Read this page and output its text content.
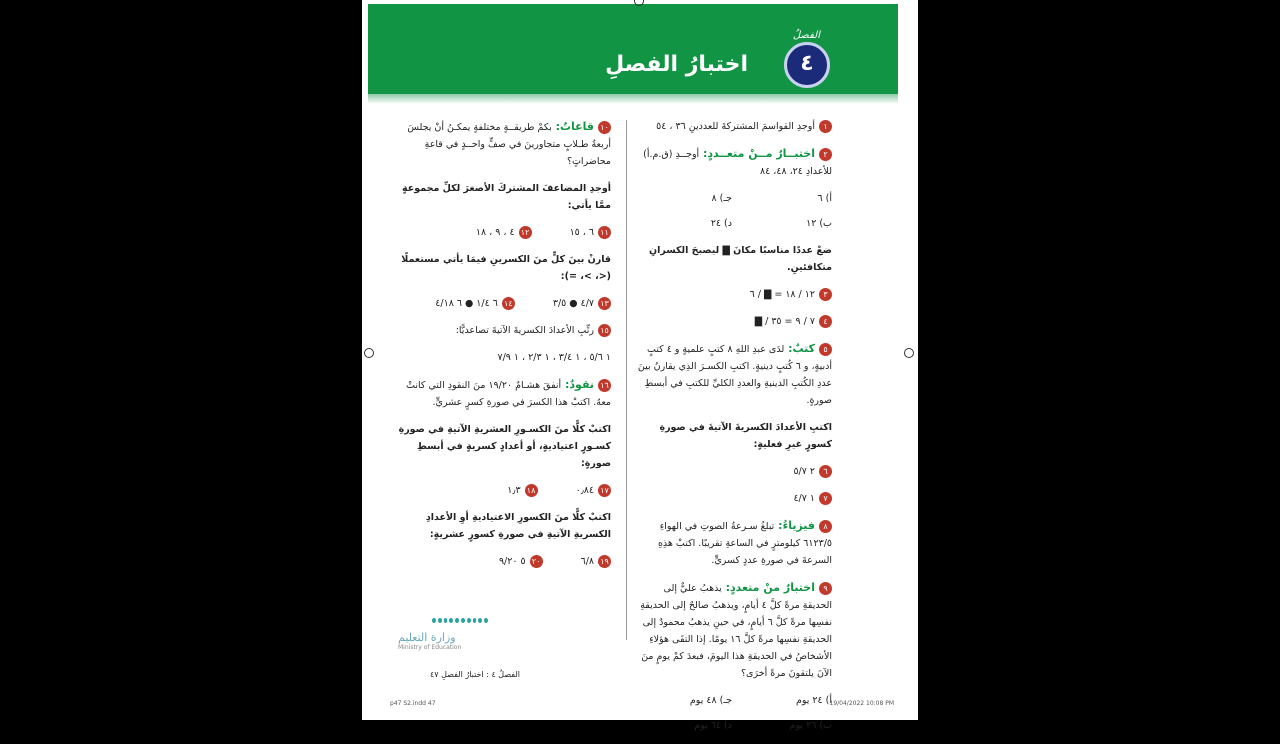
الفصلُ
٤
اختبارُ الفصلِ
١أوجدِ القواسمَ المشتركةَ للعددينِ ٣٦ ، ٥٤
٢اختبــارٌ مــنْ متعــددٍ: أوجــدِ (ق.م.أ) للأعدادِ ٢٤، ٤٨، ٨٤
أ) ٦
جـ) ٨
ب) ١٢
د) ٢٤
ضعْ عددًا مناسبًا مكانَ ▇ ليصبحَ الكسرانِ متكافئينِ.
٣١٢ / ١٨ = ▇ / ٦
٤٧ / ٩ = ٣٥ / ▇
٥كتبٌ: لدَى عبدِ اللهِ ٨ كتبٍ علميةٍ و ٤ كتبٍ أدبيةٍ، و ٦ كُتبٍ دينيةٍ. اكتبِ الكسـرَ الذِي يقارنُ بينَ عددِ الكُتبِ الدينيةِ والعددِ الكليِّ للكتبِ في أبسطِ صورةٍ.
اكتبِ الأعدادَ الكسريةَ الآتيةَ في صورةِ كسورٍ غيرِ فعليةٍ:
٦٢ ٥/٧
٧١ ٤/٧
٨فيزياءُ: تبلغُ سـرعةُ الصوتِ في الهواءِ ٦١٢٣/٥ كيلومترٍ في الساعةِ تقريبًا. اكتبْ هذِهِ السرعةَ في صورةِ عددٍ كسريٍّ.
٩اختبارٌ منْ متعددٍ: يذهبُ عليٌّ إلى الحديقةِ مرةً كلَّ ٤ أيامٍ، ويذهبُ صالحٌ إلى الحديقةِ نفسِها مرةً كلَّ ٦ أيامٍ، في حينِ يذهبُ محمودٌ إلى الحديقةِ نفسِها مرةً كلَّ ١٦ يومًا. إذا التقَى هؤلاءِ الأشخاصُ في الحديقةِ هذا اليومَ، فبعدَ كمْ يومٍ منَ الآنَ يلتقونَ مرةً أخرَى؟
أ) ٢٤ يوم
جـ) ٤٨ يوم
ب) ٢٦ يوم
د) ٦٤ يوم
١٠قاعاتٌ: بكمْ طريقــةٍ مختلفةٍ يمكـنُ أنْ يجلسَ أربعةُ طـلابٍ متجاورينَ في صفٍّ واحــدٍ في قاعةِ محاضراتٍ؟
أوجدِ المضاعفَ المشتركَ الأصغرَ لكلِّ مجموعةٍ ممَّا يأتي:
١١٦ ، ١٥
١٢٤ ، ٩ ، ١٨
قارنْ بينَ كلٍّ منَ الكسرينِ فيمَا يأتي مستعملًا (<، >، =):
١٣٤/٧ ● ٣/٥
١٤٦ ١/٤ ● ٦ ٤/١٨
١٥رتِّبِ الأعدادَ الكسريةَ الآتيةَ تصاعديًّا:
١ ٥/٦ ، ١ ٣/٤ ، ١ ٢/٣ ، ١ ٧/٩
١٦نقودٌ: أنفقَ هشـامٌ ١٩/٢٠ منَ النقودِ التي كانتْ معهُ. اكتبْ هذا الكسرَ في صورةِ كسرٍ عشريٍّ.
اكتبْ كلًّا منَ الكسـورِ العشريةِ الآتيةِ في صورةِ كسـورٍ اعتياديةٍ، أو أعدادٍ كسريةٍ في أبسطِ صورةٍ:
١٧٠٫٨٤
١٨١٫٣
اكتبْ كلًّا منَ الكسورِ الاعتياديةِ أوِ الأعدادِ الكسريةِ الآتيةِ في صورةِ كسورٍ عشريةٍ:
١٩٦/٨
٢٠٥ ٩/٢٠
وزارة التعليم
Ministry of Education
الفصلُ ٤ : اختبارُ الفصلِ ٤٧
p47 S2.indd 47	19/04/2022 10:08 PM
